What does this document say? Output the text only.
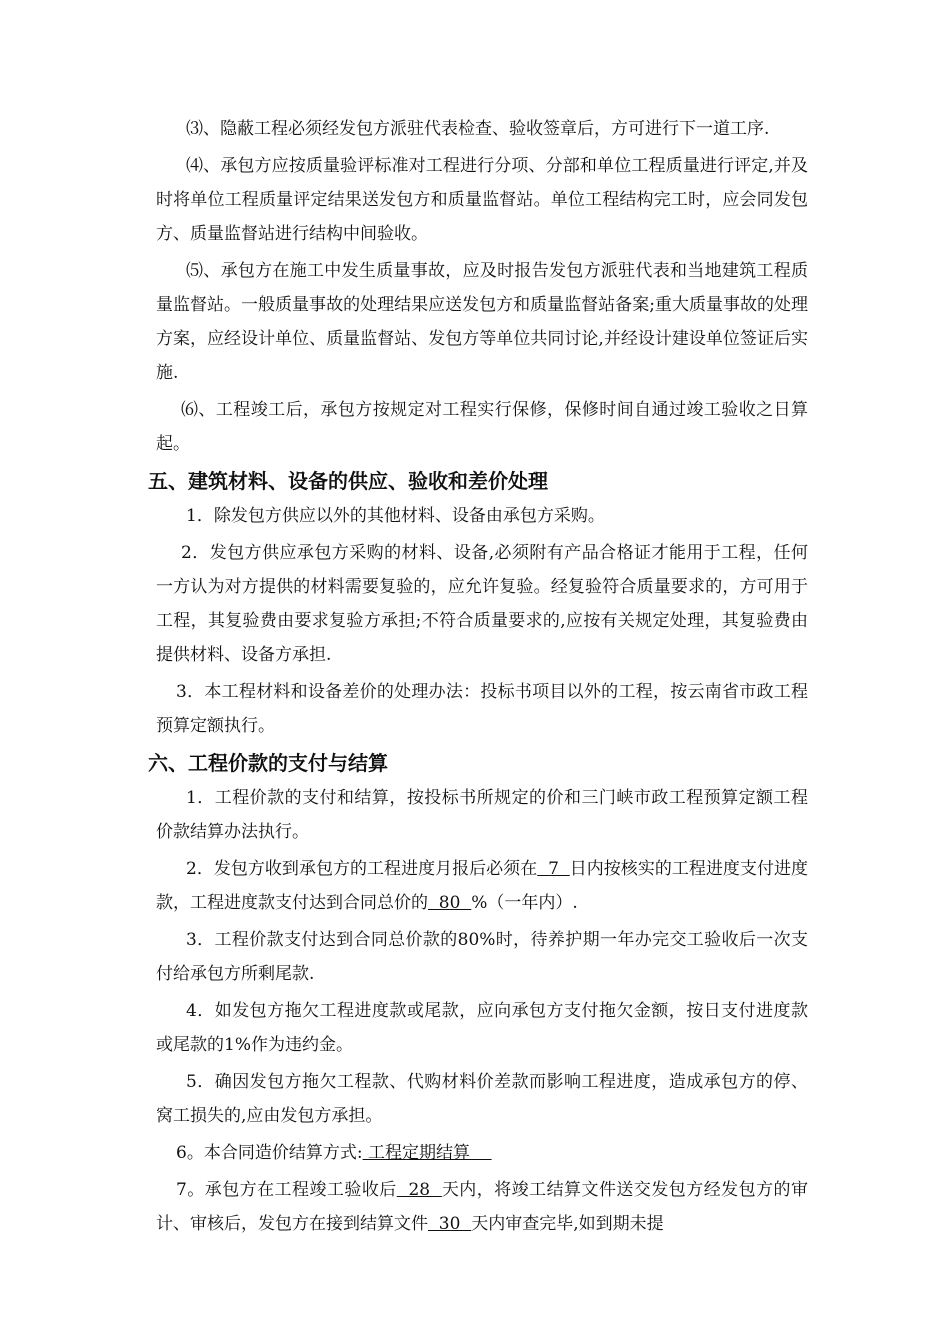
⑶、隐蔽工程必须经发包方派驻代表检查、验收签章后，方可进行下一道工序.

⑷、承包方应按质量验评标准对工程进行分项、分部和单位工程质量进行评定,并及时将单位工程质量评定结果送发包方和质量监督站。单位工程结构完工时，应会同发包方、质量监督站进行结构中间验收。

⑸、承包方在施工中发生质量事故，应及时报告发包方派驻代表和当地建筑工程质量监督站。一般质量事故的处理结果应送发包方和质量监督站备案;重大质量事故的处理方案，应经设计单位、质量监督站、发包方等单位共同讨论,并经设计建设单位签证后实施.

⑹、工程竣工后，承包方按规定对工程实行保修，保修时间自通过竣工验收之日算起。

五、建筑材料、设备的供应、验收和差价处理

1．除发包方供应以外的其他材料、设备由承包方采购。

2．发包方供应承包方采购的材料、设备,必须附有产品合格证才能用于工程，任何一方认为对方提供的材料需要复验的，应允许复验。经复验符合质量要求的，方可用于工程，其复验费由要求复验方承担;不符合质量要求的,应按有关规定处理，其复验费由提供材料、设备方承担.

3．本工程材料和设备差价的处理办法：投标书项目以外的工程，按云南省市政工程预算定额执行。

六、工程价款的支付与结算

1．工程价款的支付和结算，按投标书所规定的价和三门峡市政工程预算定额工程价款结算办法执行。

2．发包方收到承包方的工程进度月报后必须在  7  日内按核实的工程进度支付进度款，工程进度款支付达到合同总价的  80  %（一年内）.

3．工程价款支付达到合同总价款的80%时，待养护期一年办完交工验收后一次支付给承包方所剩尾款.

4．如发包方拖欠工程进度款或尾款，应向承包方支付拖欠金额，按日支付进度款或尾款的1%作为违约金。

5．确因发包方拖欠工程款、代购材料价差款而影响工程进度，造成承包方的停、窝工损失的,应由发包方承担。

6。本合同造价结算方式: 工程定期结算

7。承包方在工程竣工验收后  28  天内，将竣工结算文件送交发包方经发包方的审计、审核后，发包方在接到结算文件  30  天内审查完毕,如到期未提
